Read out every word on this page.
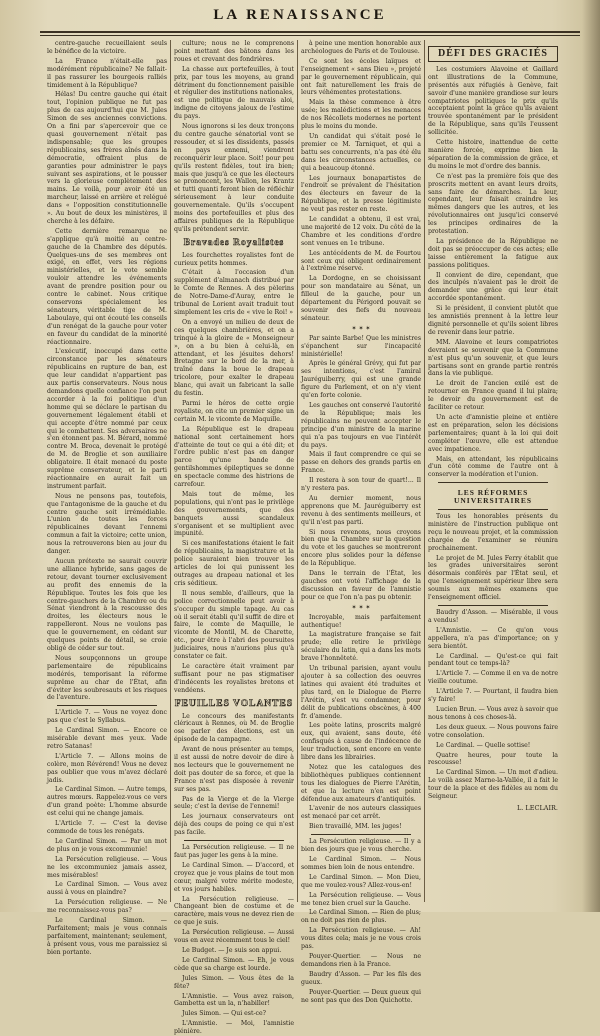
LA RENAISSANCE

centre-gauche recueillaient seuls le bénéfice de la victoire.

La France n'était-elle pas modérément républicaine? Ne fallait-il pas rassurer les bourgeois ralliés timidement à la République?

Hélas! Du centre gauche qui était tout, l'opinion publique ne fut pas plus de cas aujourd'hui que M. Jules Simon de ses anciennes convictions. On a fini par s'apercevoir que ce quasi gouvernement n'était pas indispensable; que les groupes républicains, ses frères aînés dans la démocratie, offraient plus de garanties pour administrer le pays suivant ses aspirations, et le pousser vers la glorieuse complètement des mains. Le voilà, pour avoir été un marcheur, laissé en arrière et relégué dans « l'opposition constitutionnelle ». Au bout de deux les ministères, il cherche à les défaire.

Cette dernière remarque ne s'applique qu'à moitié au centre-gauche de la Chambre des députés. Quelques-uns de ses membres ont exigé, en effet, vers les régions ministérielles, et le vote semble vouloir attendre les événements avant de prendre position pour ou contre le cabinet. Nous critique conservons spécialement les sénateurs, véritable tige de M. Laboulaye, qui ont écouté les conseils d'un renégat de la gauche pour voter en faveur du candidat de la minorité réactionnaire.

L'exécutif, inoccupé dans cette circonstance par les sénateurs républicains en rupture de ban, est que leur candidat n'appartient pas aux partis conservateurs. Nous nous demandons quelle confiance l'on peut accorder à la foi politique d'un homme qui se déclare le partisan du gouvernement légalement établi et qui accepte d'être nommé par ceux qui le combattent. Ses adversaires ne s'en étonnent pas. M. Bérard, nommé contre M. Broca, devenait le protégé de M. de Broglie et son auxiliaire obligatoire. Il était menacé du poste suprême conservateur, et le parti réactionnaire en aurait fait un instrument parfait.

Nous ne pensons pas, toutefois, que l'antagonisme de la gauche et du centre gauche soit irrémédiable. L'union de toutes les forces républicaines devant l'ennemi commun a fait la victoire; cette union, nous la retrouverons bien au jour du danger.

Aucun prétexte ne saurait couvrir une alliance hybride, sans gages de retour, devant tourner exclusivement au profit des ennemis de la République. Toutes les fois que les centre-gauchers de la Chambre ou du Sénat viendront à la rescousse des droites, les électeurs nous le rappelleront. Nous ne voulons pas que le gouvernement, en cédant sur quelques points de détail, se croie obligé de céder sur tout.

Nous soupçonnons un groupe parlementaire de républicains modérés, temporisant la réforme suprême au char de l'État, afin d'éviter les soubresauts et les risques de l'aventure.

L'Article 7. — Vous ne voyez donc pas que c'est le Syllabus.

Le Cardinal Simon. — Encore ce misérable devant mes yeux. Vade retro Satanas!

L'Article 7. — Allons moins de colère, mon Révérend! Vous ne devez pas oublier que vous m'avez déclaré jadis.

Le Cardinal Simon. — Autre temps, autres mœurs. Rappelez-vous ce vers d'un grand poète: L'homme absurde est celui qui ne change jamais.

L'Article 7. — C'est la devise commode de tous les renégats.

Le Cardinal Simon. — Par un mot de plus on je vous excommunie!

La Persécution religieuse. — Vous ne les excommuniez jamais assez, mes misérables!

Le Cardinal Simon. — Vous avez aussi à vous en plaindre?

La Persécution religieuse. — Ne me reconnaissez-vous pas?

Le Cardinal Simon. — Parfaitement; mais je vous connais parfaitement, maintenant; seulement, à présent vous, vous me paraissiez si bien portante.

culture; nous ne le comprenons point mettant des bâtons dans les roues et crevant des fondrières.

La chasse aux portefeuilles, à tout prix, par tous les moyens, au grand détriment du fonctionnement paisible et régulier des institutions nationales, est une politique de mauvais aloi, indigne de citoyens jaloux de l'estime du pays.

Nous ignorons si les deux tronçons du centre gauche sénatorial vont se ressouder, et si les dissidents, passés en pays ennemi, viendront reconquérir leur place. Soit! pour peu qu'ils restent fidèles, tout ira bien; mais que jusqu'à ce que les électeurs se prononcent, les Wallon, les Krantz et tutti quanti feront bien de réfléchir sérieusement à leur conduite gouvernementale. Qu'ils s'occupent moins des portefeuilles et plus des affaires publiques de la République qu'ils prétendent servir.

Bravades Royalistes

Les fourchettes royalistes font de curieux petits hommes.

C'était à l'occasion d'un supplément d'almanach distribué par le Comte de Rennes. A des pèlerins de Notre-Dame-d'Auray, entre le tribunal de Lorient avait traduit tout simplement les cris de « vive le Roi! »

On a envoyé un milieu de deux de ces quelques chambrières, et on a trinqué à la gloire de « Monseigneur », on a bu bien à celui-là, en attendant, et les jésuites dehors! Bretagne sur le bord de la mer, à traîné dans la boue le drapeau tricolore, pour exalter le drapeau blanc, qui avait un fabricant la salle du festin.

Parmi le héros de cette orgie royaliste, on cite un premier signe un certain M. le vicomte de Maquille.

La République est le drapeau national sont certainement hors d'atteinte de tout ce qui a été dit; et l'ordre public n'est pas en danger parce qu'une bande de gentilshommes épileptiques se donne en spectacle comme des histrions de carrefour.

Mais tout de même, les populations, qui n'ont pas le privilège des gouvernements, que des banquets aussi scandaleux s'organisent et se multiplient avec impunité.

Si ces manifestations étaient le fait de républicains, la magistrature et la police sauraient bien trouver les articles de loi qui punissent les outrages au drapeau national et les cris séditieux.

Il nous semble, d'ailleurs, que la police correctionnelle peut avoir à s'occuper du simple tapage. Au cas où il serait établi qu'il suffit de dire et faire, le comte de Maquille, le vicomte de Montil, M. de Charette, etc., pour être à l'abri des poursuites judiciaires, nous n'aurions plus qu'à constater ce fait.

Le caractère était vraiment par suffisant pour ne pas stigmatiser d'indécents les royalistes bretons et vendéens.

FEUILLES VOLANTES

Le concours des manifestants cléricaux à Rennes, où M. de Broglie ose parler des élections, est un épisode de la campagne.

Avant de nous présenter au temps, il est aussi de notre devoir de dire à nos lecteurs que le gouvernement ne doit pas douter de sa force, et que la France n'est pas disposée à revenir sur ses pas.

Pas de la Vierge et de la Vierge seule; c'est la devise de l'ennemi!

Les journaux conservateurs ont déjà des coups de poing ce qui n'est pas facile.

La Persécution religieuse. — Il ne faut pas juger les gens à la mine.

Le Cardinal Simon. — D'accord, et croyez que je vous plains de tout mon cœur, malgré votre mérite modeste, et vos jours habiles.

La Persécution religieuse. — Changeant bien de costume et de caractère, mais vous ne devez rien de ce que je suis.

La Persécution religieuse. — Aussi vous en avez récemment tous le ciel!

Le Budget. — Je suis son appui.

Le Cardinal Simon. — Eh, je vous cède que sa charge est lourde.

Jules Simon. — Vous êtes de la fête?

L'Amnistie. — Vous avez raison, Gambetta est un la, n'habiller!

Jules Simon. — Qui est-ce?

L'Amnistie. — Moi, l'amnistie plénière.

à peine une mention honorable aux archéologues de Paris et de Toulouse.

Ce sont les écoles laïques et l'enseignement « sans Dieu », projeté par le gouvernement républicain, qui ont fait naturellement les frais de leurs véhémentes protestations.

Mais la thèse commence à être usée; les malédictions et les menaces de nos Récollets modernes ne portent plus le moins du monde.

Un candidat qui s'était posé le premier ce M. Tarniquet, et qui a battu ses concurrents, n'a pas été élu dans les circonstances actuelles, ce qui a beaucoup étonné.

Les journaux bonapartistes de l'endroit se prévalent de l'hésitation des électeurs en faveur de la République, et la presse légitimiste ne veut pas rester en reste.

Le candidat a obtenu, il est vrai, une majorité de 12 voix. Du côté de la Chambre et les conditions d'ordre sont venues en 1e tribune.

Les antécédents de M. de Fourtou sont ceux qui obligent ordinairement à l'extrême réserve.

La Dordogne, en se choisissant pour son mandataire au Sénat, un filleul de la gauche, pour un département du Périgord pouvait se souvenir des fiefs du nouveau sénateur.

✶ ✶ ✶

Par sainte Barbe! Que les ministres s'épanchent sur l'incapacité ministérielle!

Après le général Grévy, qui fut par ses intentions, c'est l'amiral Jauréguiberry, qui est une grande figure du Parlement, et on n'y vient qu'en forte colonie.

Les gauches ont conservé l'autorité de la République; mais les républicains ne peuvent accepter le principe d'un ministre de la marine qui n'a pas toujours en vue l'intérêt du pays.

Mais il faut comprendre ce qui se passe en dehors des grands partis en France.

Il restera à son tour de quart!... Il n'y restera pas.

Au dernier moment, nous apprenons que M. Jauréguiberry est revenu à des sentiments meilleurs, et qu'il n'est pas parti.

Si nous revenons, nous croyons bien que la Chambre sur la question du vote et les gauches se montreront encore plus solides pour la défense de la République.

Dans le terrain de l'État, les gauches ont voté l'affichage de la discussion en faveur de l'amnistie pour ce que l'on n'a pas pu obtenir.

✶ ✶ ✶

Incroyable, mais parfaitement authentique!

La magistrature française se fait prude; elle retire le privilège séculaire du latin, qui a dans les mots brave l'honnêteté.

Un tribunal parisien, ayant voulu ajouter à sa collection des oeuvres latines qui avaient été traduites et plus tard, en le Dialogue de Pierre l'Arétin, s'est vu condamner, pour délit de publications obscènes, à 400 fr. d'amende.

Les poète latins, proscrits malgré eux, qui avaient, sans doute, été confisqués à cause de l'indécence de leur traduction, sont encore en vente libre dans les librairies.

Notez que les catalogues des bibliothèques publiques contiennent tous les dialogues de Pierre l'Arétin, et que la lecture n'en est point défendue aux amateurs d'antiquités.

L'avenir de nos auteurs classiques est menacé par cet arrêt.

Bien travaillé, MM. les juges!

La Persécution religieuse. — Il y a bien des jours que je vous cherche.

Le Cardinal Simon. — Nous sommes bien loin de nous entendre.

Le Cardinal Simon. — Mon Dieu, que me voulez-vous? Allez-vous-en!

La Persécution religieuse. — Vous me tenez bien cruel sur la Gauche.

Le Cardinal Simon. — Rien de plus; on ne doit pas rien de plus.

La Persécution religieuse. — Ah! vous dites cela; mais je ne vous crois pas.

Pouyer-Quertier. — Nous ne demandons rien à la France.

Baudry d'Asson. — Par les fils des gueux.

Pouyer-Quertier. — Deux gueux qui ne sont pas que des Don Quichotte.

DÉFI DES GRACIÉS

Les costumiers Alavoine et Gaillard ont illustrations de la Commune, présentés aux réfugiés à Genève, fait savoir d'une manière grandiose sur leurs compatriotes politiques le prix qu'ils acceptaient point la grâce qu'ils avaient trouvée spontanément par le président de la République, sans qu'ils l'eussent sollicitée.

Cette histoire, inattendue de cette manière forcée, exprime bien la séparation de la commission de grâce, et du moins le mot d'ordre des bannis.

Ce n'est pas la première fois que des proscrits mettent en avant leurs droits, sans faire de démarches. La leur, cependant, leur faisait craindre les mêmes dangers que les autres, et les révolutionnaires ont jusqu'ici conservé les principes ordinaires de la protestation.

La présidence de la République ne doit pas se préoccuper de ces actes; elle laisse entièrement la fatigue aux passions politiques.

Il convient de dire, cependant, que des inculpés n'avaient pas le droit de demander une grâce qui leur était accordée spontanément.

Si le président, il convient plutôt que les amnistiés prennent à la lettre leur dignité personnelle et qu'ils soient libres de revenir dans leur patrie.

MM. Alavoine et leurs compatriotes devraient se souvenir que la Commune n'est plus qu'un souvenir, et que leurs partisans sont en grande partie rentrés dans la vie publique.

Le droit de l'ancien exilé est de retourner en France quand il lui plaira; le devoir du gouvernement est de faciliter ce retour.

Un acte d'amnistie pleine et entière est en préparation, selon les décisions parlementaires; quant à la loi qui doit compléter l'œuvre, elle est attendue avec impatience.

Mais, en attendant, les républicains d'un côté comme de l'autre ont à conserver la modération et l'union.

LES RÉFORMES UNIVERSITAIRES

Tous les honorables présents du ministère de l'instruction publique ont reçu le nouveau projet, et la commission chargée de l'examiner se réunira prochainement.

Le projet de M. Jules Ferry établit que les grades universitaires seront désormais conférés par l'État seul, et que l'enseignement supérieur libre sera soumis aux mêmes examens que l'enseignement officiel.

Baudry d'Asson. — Misérable, il vous a vendus!

L'Amnistie. — Ce qu'on vous appellera, n'a pas d'importance; on y sera bientôt.

Le Cardinal. — Qu'est-ce qui fait pendant tout ce temps-là?

L'Article 7. — Comme il en va de notre vieille coutume.

L'Article 7. — Pourtant, il faudra bien s'y faire!

Lucien Brun. — Vous avez à savoir que nous tenons à ces choses-là.

Les deux gueux. — Nous pouvons faire votre consolation.

Le Cardinal. — Quelle sottise!

Quatre heures, pour toute la rescousse!

Le Cardinal Simon. — Un mot d'adieu. Le voilà assez Marne-la-Vallée, il a fait le tour de la place et des fidèles au nom du Seigneur.

L. LECLAIR.
